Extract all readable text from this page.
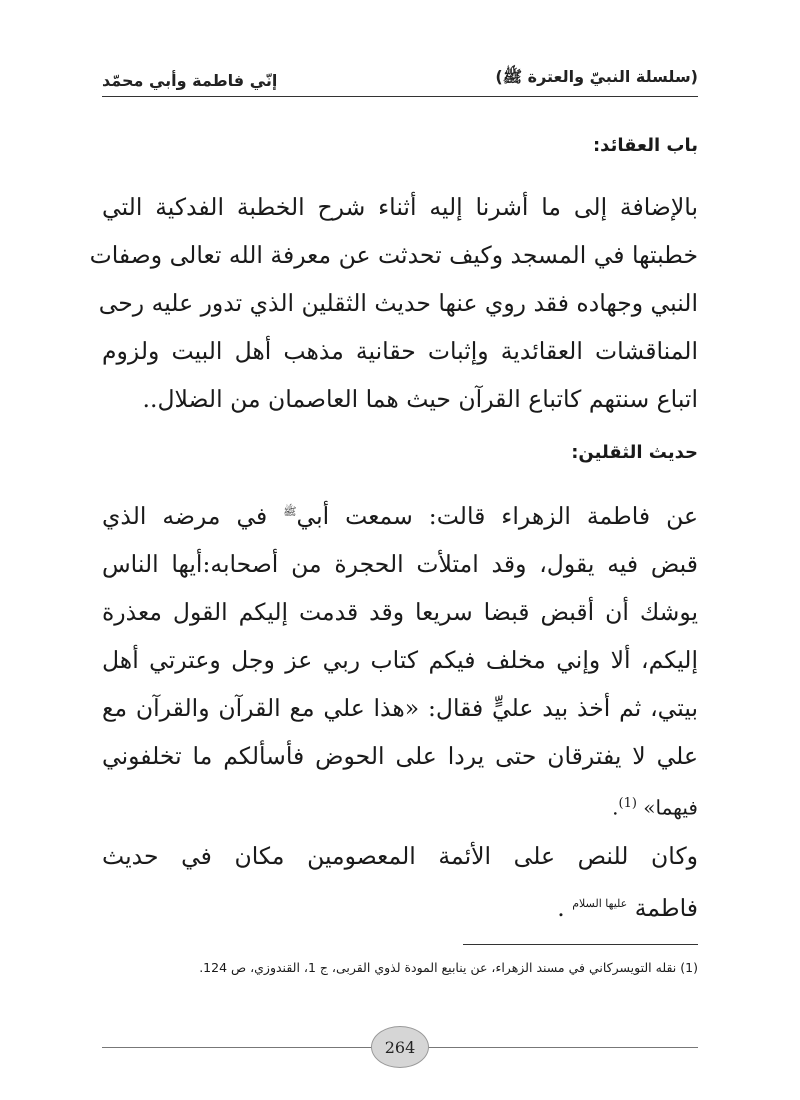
(سلسلة النبيّ والعترة ﷺ)
إنّي فاطمة وأبي محمّد
باب العقائد:
بالإضافة إلى ما أشرنا إليه أثناء شرح الخطبة الفدكية التي
خطبتها في المسجد وكيف تحدثت عن معرفة الله تعالى وصفات
النبي وجهاده فقد روي عنها حديث الثقلين الذي تدور عليه رحى
المناقشات العقائدية وإثبات حقانية مذهب أهل البيت ولزوم
اتباع سنتهم كاتباع القرآن حيث هما العاصمان من الضلال..
حديث الثقلين:
عن فاطمة الزهراء قالت: سمعت أبي$^ﷺ$ في مرضه الذي
قبض فيه يقول، وقد امتلأت الحجرة من أصحابه:أيها الناس
يوشك أن أقبض قبضا سريعا وقد قدمت إليكم القول معذرة
إليكم، ألا وإني مخلف فيكم كتاب ربي عز وجل وعترتي أهل
بيتي، ثم أخذ بيد عليٍّ فقال: «هذا علي مع القرآن والقرآن مع
علي لا يفترقان حتى يردا على الحوض فأسألكم ما تخلفوني
فيهما» $^{(1)}$.
وكان للنص على الأئمة المعصومين مكان في حديث
فاطمة $^{عليها السلام}$ .
(1) نقله التويسركاني في مسند الزهراء، عن ينابيع المودة لذوي القربى، ج 1، القندوزي، ص 124.
264
